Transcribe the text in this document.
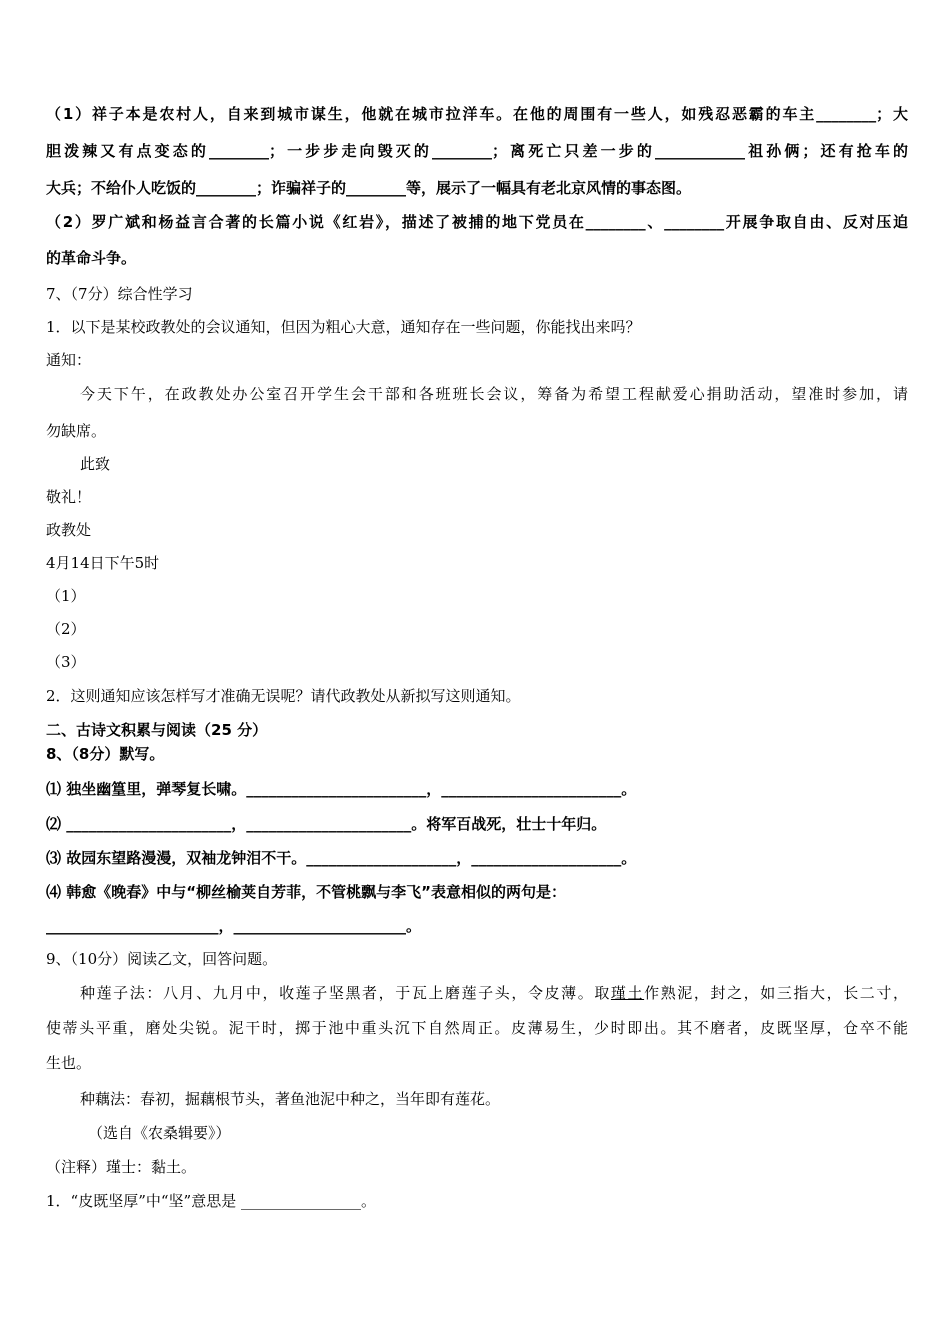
（1）祥子本是农村人，自来到城市谋生，他就在城市拉洋车。在他的周围有一些人，如残忍恶霸的车主________；大
胆泼辣又有点变态的________；一步步走向毁灭的________；离死亡只差一步的____________祖孙俩；还有抢车的
大兵；不给仆人吃饭的________；诈骗祥子的________等，展示了一幅具有老北京风情的事态图。
（2）罗广斌和杨益言合著的长篇小说《红岩》，描述了被捕的地下党员在________、________开展争取自由、反对压迫
的革命斗争。
7、（7分）综合性学习
1．以下是某校政教处的会议通知，但因为粗心大意，通知存在一些问题，你能找出来吗？
通知：
今天下午，在政教处办公室召开学生会干部和各班班长会议，筹备为希望工程献爱心捐助活动，望准时参加，请
勿缺席。
此致
敬礼！
政教处
4月14日下午5时
（1）
（2）
（3）
2．这则通知应该怎样写才准确无误呢？请代政教处从新拟写这则通知。
二、古诗文积累与阅读（25 分）
8、（8分）默写。
⑴ 独坐幽篁里，弹琴复长啸。________________________，________________________。
⑵ ______________________，______________________。将军百战死，壮士十年归。
⑶ 故园东望路漫漫，双袖龙钟泪不干。____________________，____________________。
⑷ 韩愈《晚春》中与“柳丝榆荚自芳菲，不管桃飘与李飞”表意相似的两句是：
_______________________，_______________________。
9、（10分）阅读乙文，回答问题。
种莲子法：八月、九月中，收莲子坚黑者，于瓦上磨莲子头，令皮薄。取瑾土作熟泥，封之，如三指大，长二寸，
使蒂头平重，磨处尖锐。泥干时，掷于池中重头沉下自然周正。皮薄易生，少时即出。其不磨者，皮既坚厚，仓卒不能
生也。
种藕法：春初，掘藕根节头，著鱼池泥中种之，当年即有莲花。
（选自《农桑辑要》）
（注释）瑾士：黏土。
1．“皮既坚厚”中“坚”意思是 ________________。
